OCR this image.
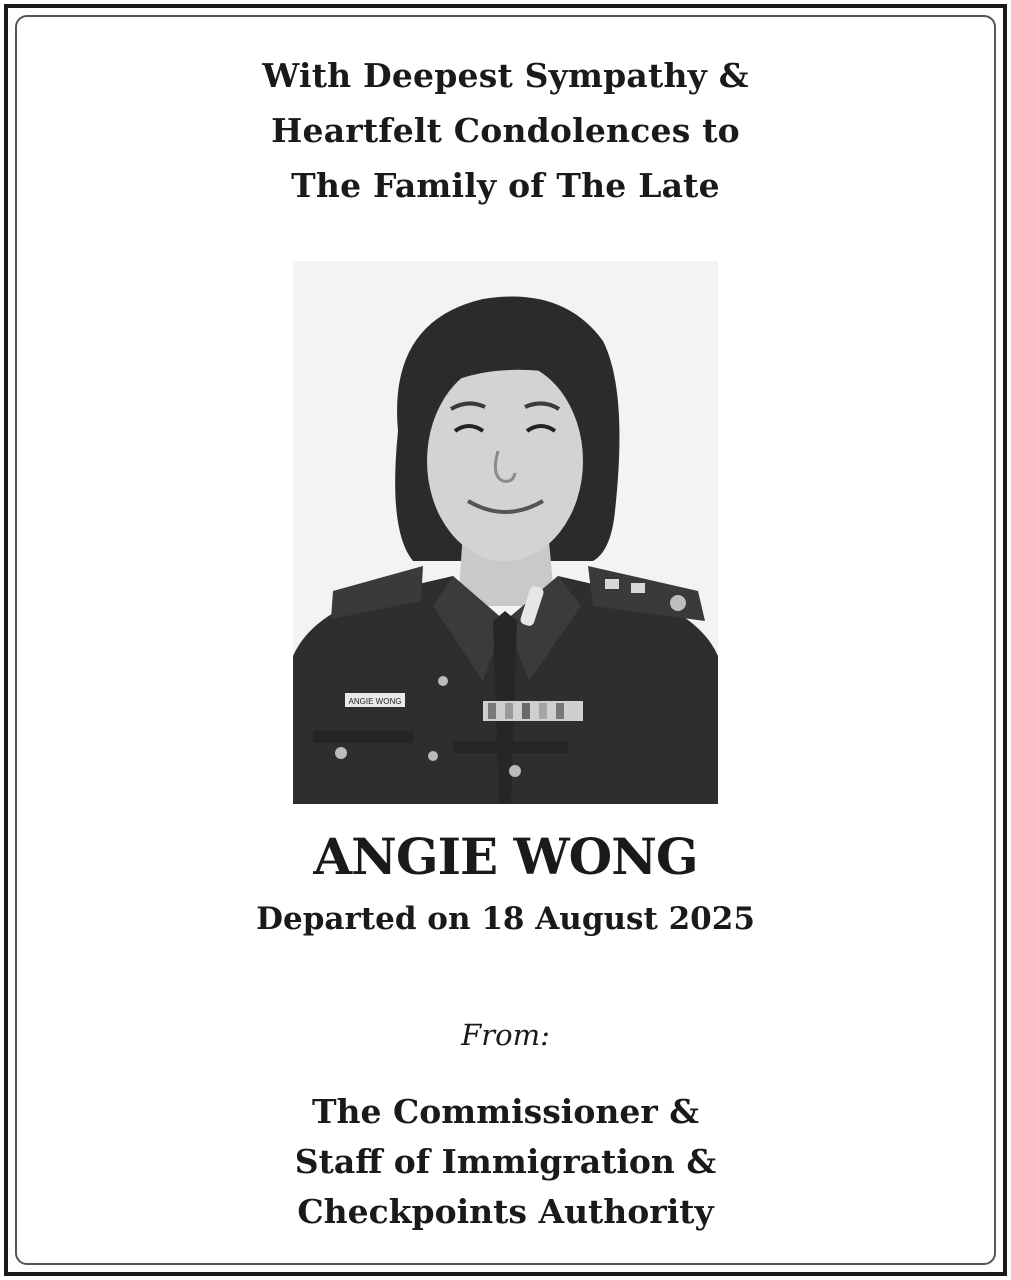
With Deepest Sympathy &
Heartfelt Condolences to
The Family of The Late
ANGIE WONG
ANGIE WONG
Departed on 18 August 2025
From:
The Commissioner &
Staff of Immigration &
Checkpoints Authority
